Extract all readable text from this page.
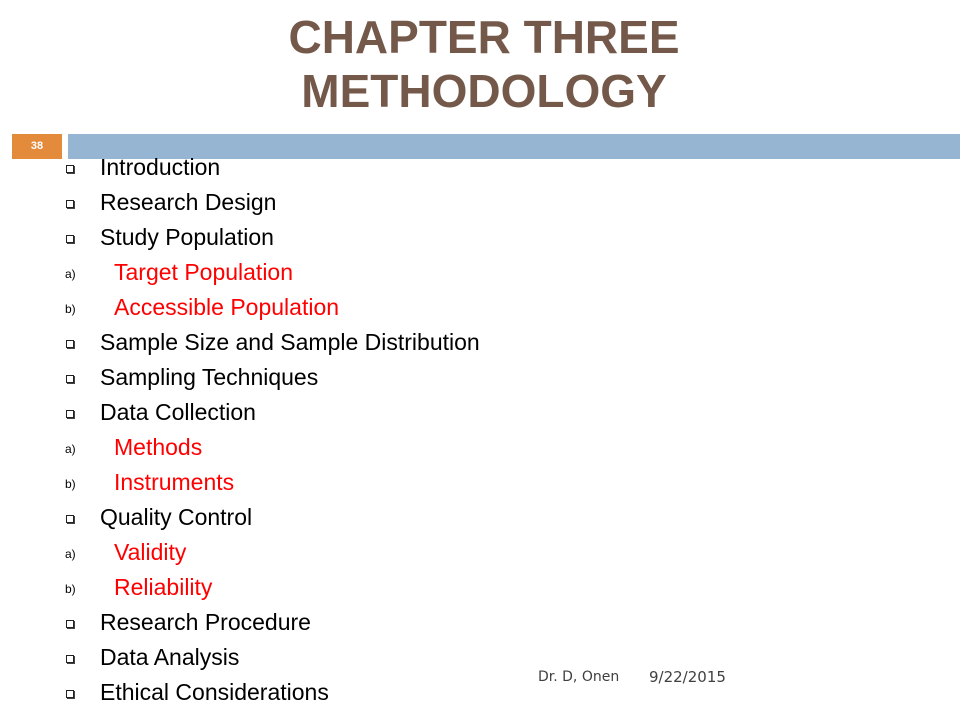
CHAPTER THREE
METHODOLOGY
38
Introduction
Research Design
Study Population
a) Target Population
b) Accessible Population
Sample Size and Sample Distribution
Sampling Techniques
Data Collection
a) Methods
b) Instruments
Quality Control
a) Validity
b) Reliability
Research Procedure
Data Analysis
Ethical Considerations
Dr. D, Onen 9/22/2015
